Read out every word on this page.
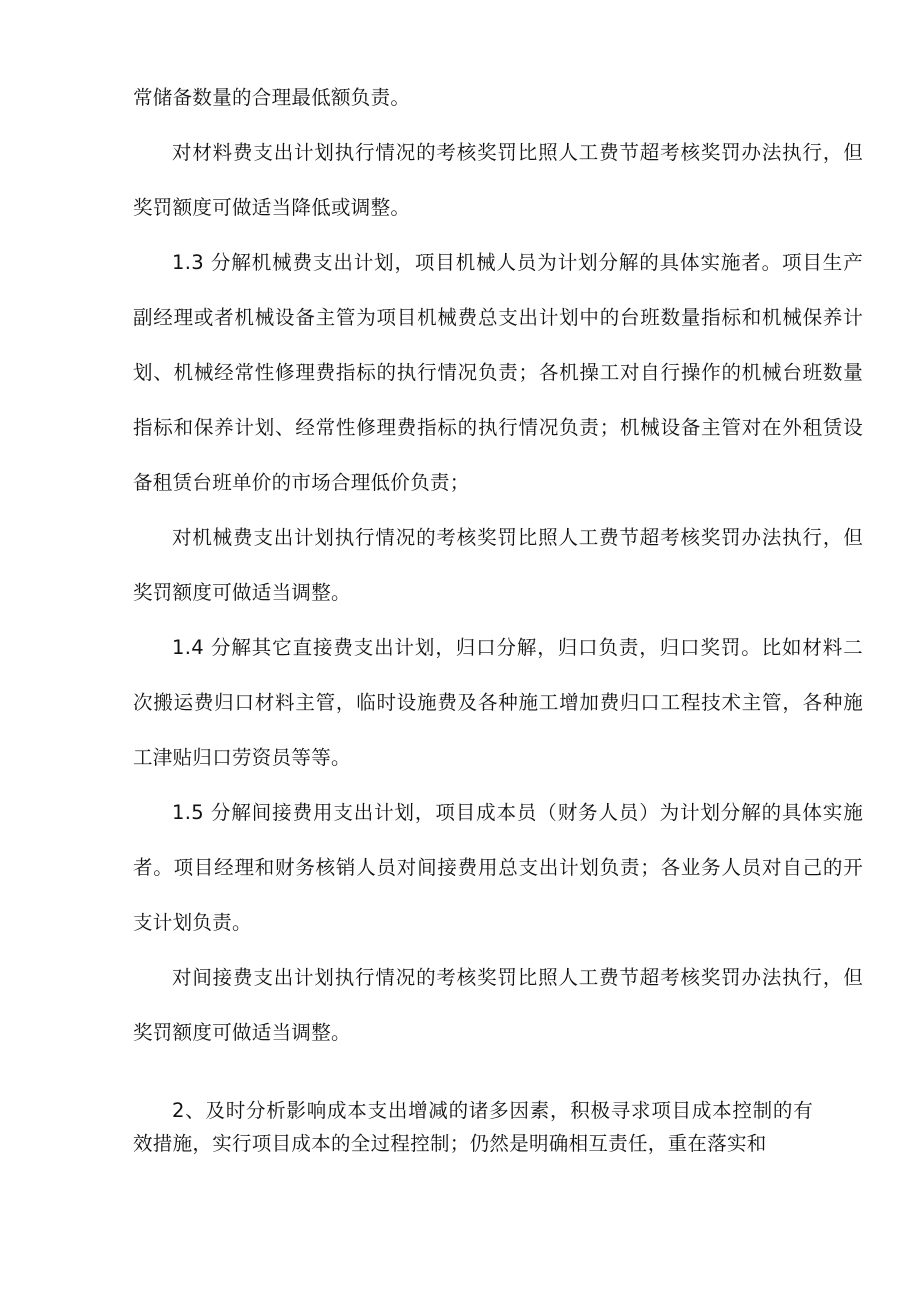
常储备数量的合理最低额负责。

对材料费支出计划执行情况的考核奖罚比照人工费节超考核奖罚办法执行，但奖罚额度可做适当降低或调整。

1.3 分解机械费支出计划，项目机械人员为计划分解的具体实施者。项目生产副经理或者机械设备主管为项目机械费总支出计划中的台班数量指标和机械保养计划、机械经常性修理费指标的执行情况负责；各机操工对自行操作的机械台班数量指标和保养计划、经常性修理费指标的执行情况负责；机械设备主管对在外租赁设备租赁台班单价的市场合理低价负责；

对机械费支出计划执行情况的考核奖罚比照人工费节超考核奖罚办法执行，但奖罚额度可做适当调整。

1.4 分解其它直接费支出计划，归口分解，归口负责，归口奖罚。比如材料二次搬运费归口材料主管，临时设施费及各种施工增加费归口工程技术主管，各种施工津贴归口劳资员等等。

1.5 分解间接费用支出计划，项目成本员（财务人员）为计划分解的具体实施者。项目经理和财务核销人员对间接费用总支出计划负责；各业务人员对自己的开支计划负责。

对间接费支出计划执行情况的考核奖罚比照人工费节超考核奖罚办法执行，但奖罚额度可做适当调整。

2、及时分析影响成本支出增减的诸多因素，积极寻求项目成本控制的有效措施，实行项目成本的全过程控制；仍然是明确相互责任，重在落实和
